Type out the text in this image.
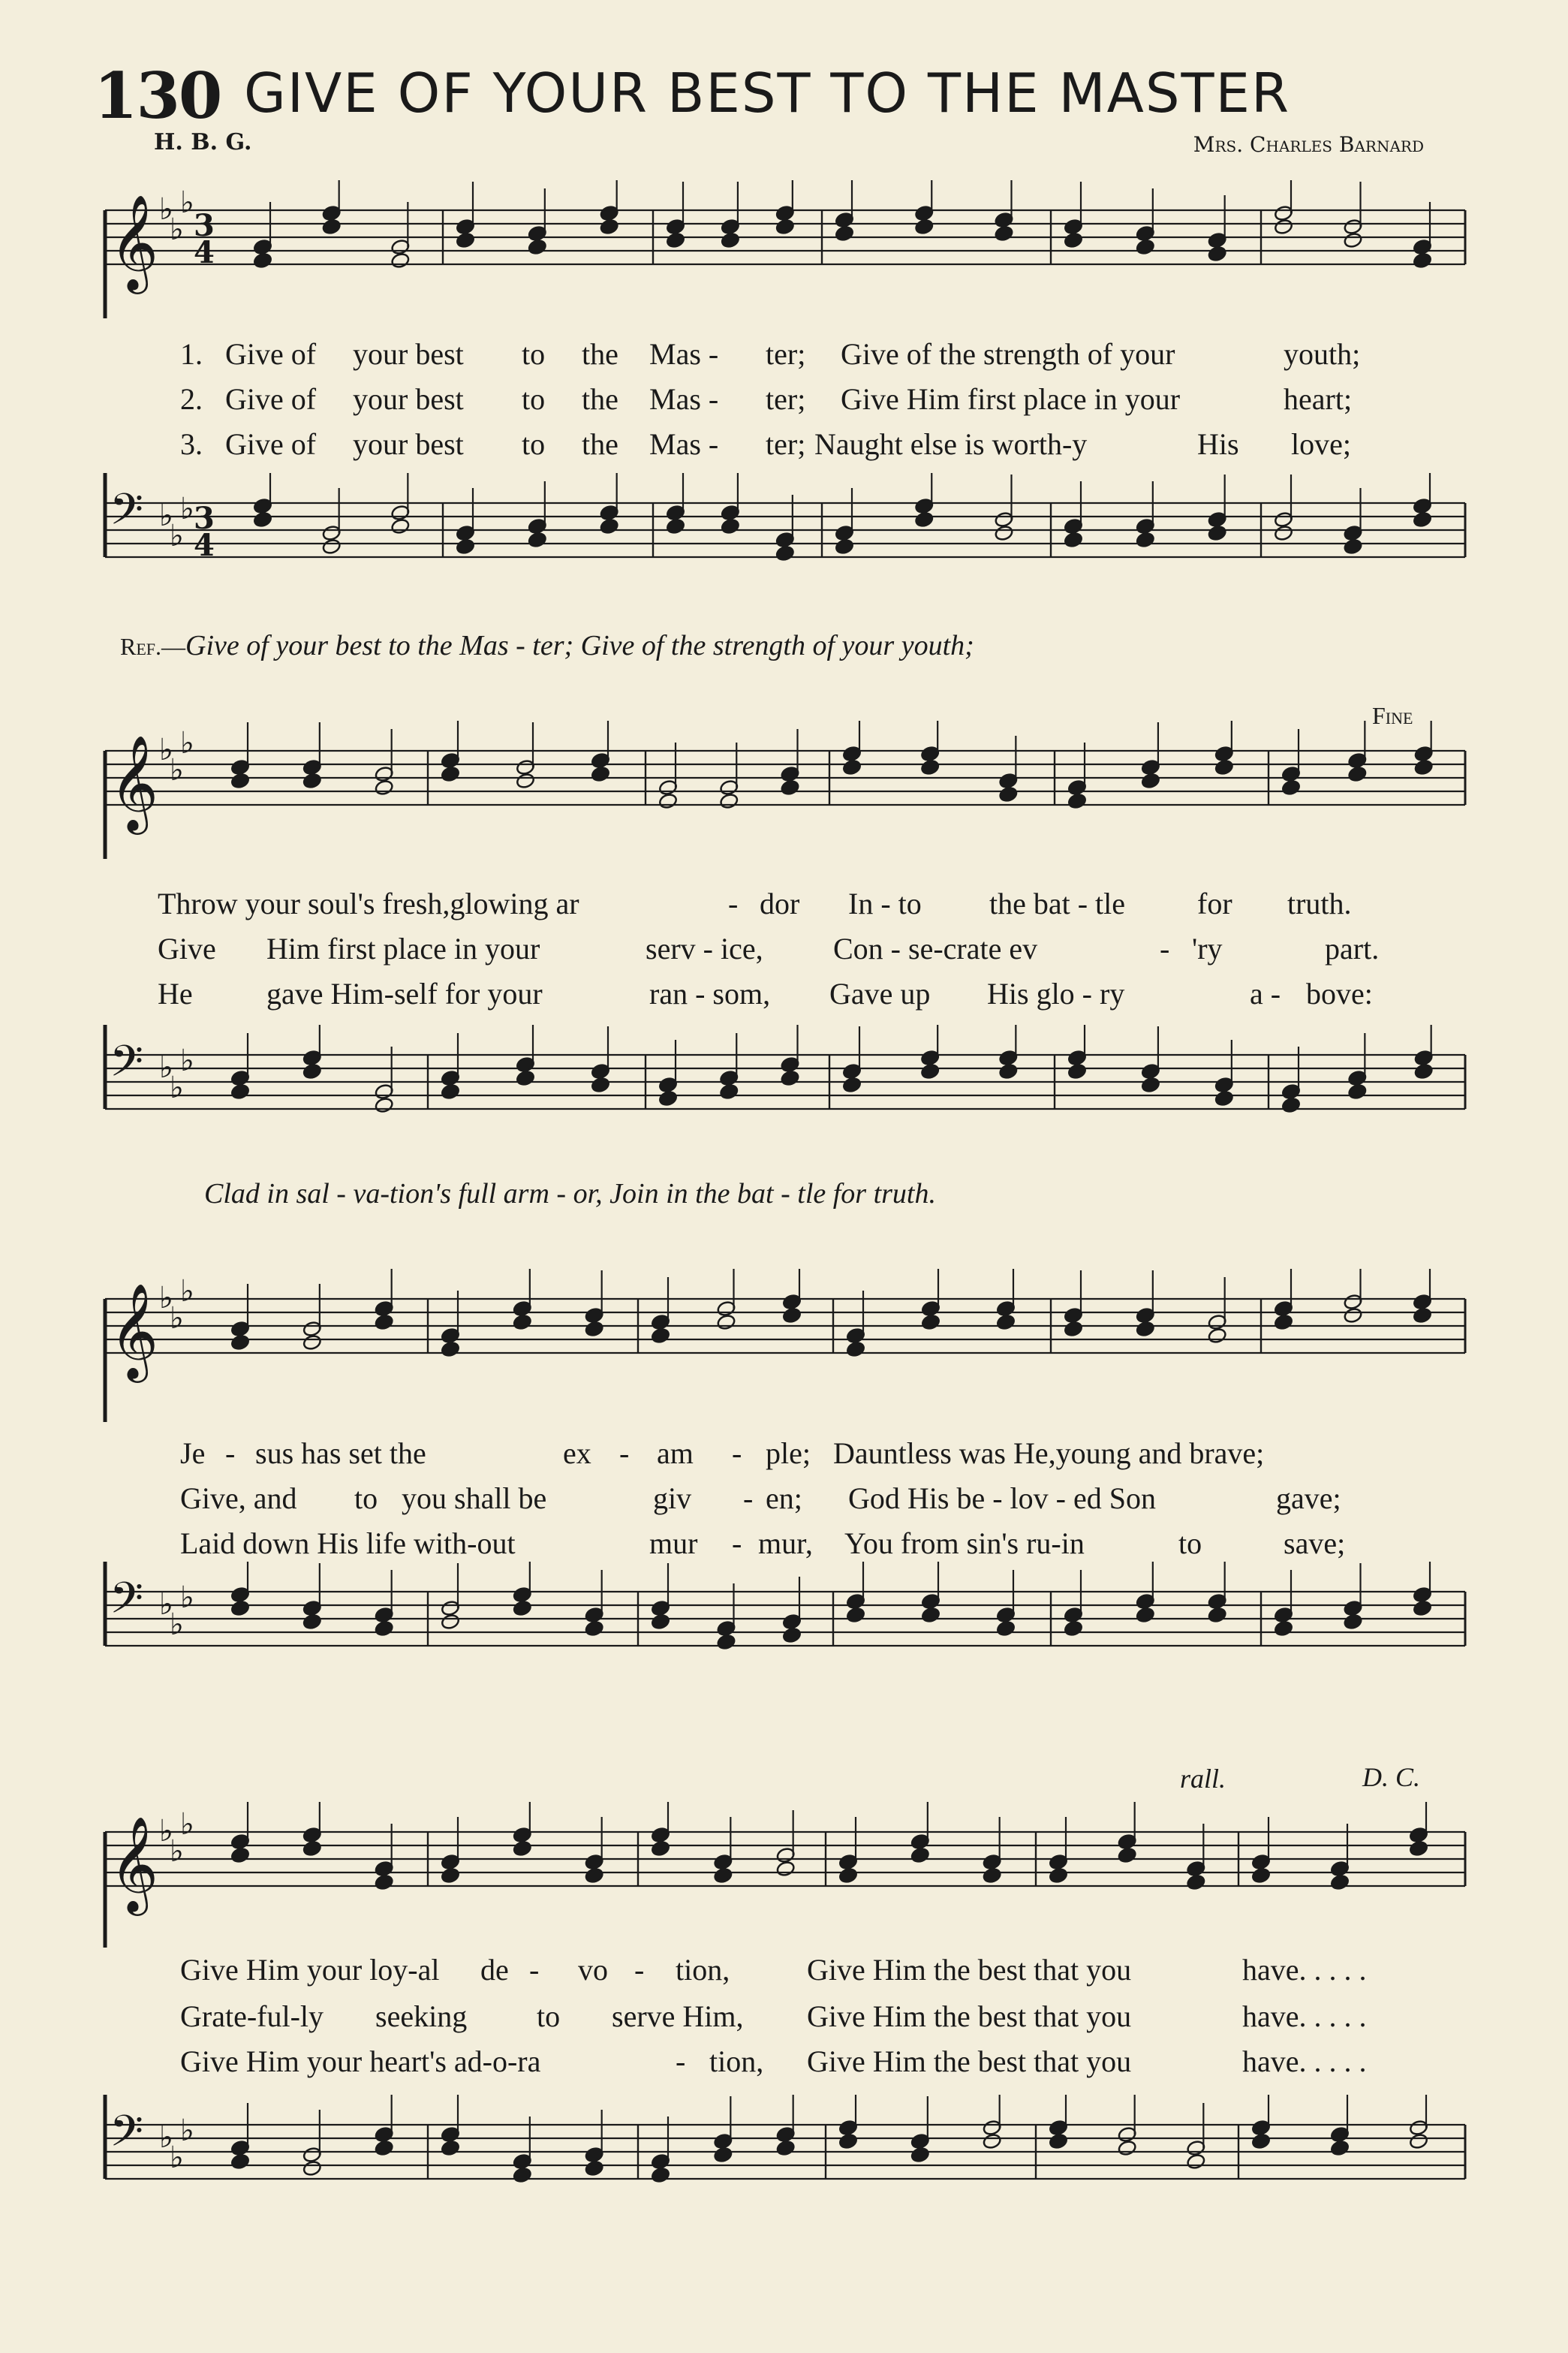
130 GIVE OF YOUR BEST TO THE MASTER
H. B. G.	Mrs. Charles Barnard
𝄞 ♭
♭
♭
3
4
1. Give of your best to the Mas - ter; Give of the strength of your	youth;
2. Give of your best to the Mas - ter; Give Him first place in your	heart;
3. Give of your best to the Mas - ter; Naught else is worth-y	His love;
𝄢 ♭
♭
♭ 3
4
Ref.—Give of your best to the Mas - ter; Give of the strength of your youth;
Fine
𝄞 ♭
♭
♭
Throw your soul's fresh,glowing ar	- dor In - to the bat - tle for truth.
Give Him first place in your	serv - ice, Con - se-crate ev	- 'ry	part.
He gave Him-self for your	ran - som, Gave up His glo - ry	a - bove:
𝄢 ♭
♭
♭
Clad in sal - va-tion's full arm - or, Join in the bat - tle for truth.
𝄞 ♭
♭
♭
Je - sus has set the	ex - am - ple; Dauntless was He,young and brave;
Give, and to you shall be	giv - en; God His be - lov - ed Son	gave;
Laid down His life with-out	mur - mur, You from sin's ru-in	to	save;
𝄢 ♭
♭
♭
rall.	D. C.
𝄞 ♭
♭
♭
Give Him your loy-al de - vo - tion,	Give Him the best that you	have. . . . .
Grate-ful-ly seeking to serve Him, Give Him the best that you	have. . . . .
Give Him your heart's ad-o-ra	- tion, Give Him the best that you	have. . . . .
𝄢 ♭
♭
♭
